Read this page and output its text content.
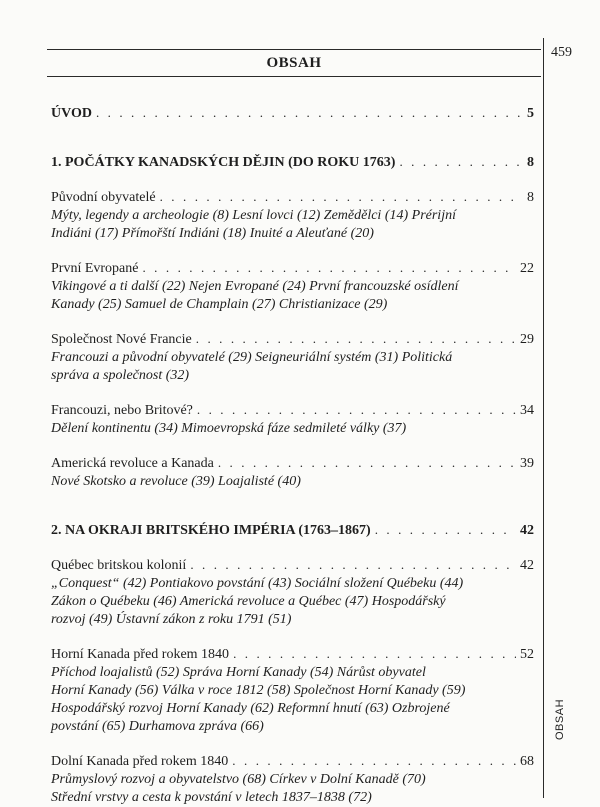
459
OBSAH
OBSAH
ÚVOD . . .	5
1. POČÁTKY KANADSKÝCH DĚJIN (DO ROKU 1763) . . .	8
Původní obyvatelé . . .	8
Mýty, legendy a archeologie (8) Lesní lovci (12) Zemědělci (14) Prérijní
Indiáni (17) Přímořští Indiáni (18) Inuité a Aleuťané (20)
První Evropané . . .	22
Vikingové a ti další (22) Nejen Evropané (24) První francouzské osídlení
Kanady (25) Samuel de Champlain (27) Christianizace (29)
Společnost Nové Francie . . .	29
Francouzi a původní obyvatelé (29) Seigneuriální systém (31) Politická
správa a společnost (32)
Francouzi, nebo Britové? . . .	34
Dělení kontinentu (34) Mimoevropská fáze sedmileté války (37)
Americká revoluce a Kanada . . .	39
Nové Skotsko a revoluce (39) Loajalisté (40)
2. NA OKRAJI BRITSKÉHO IMPÉRIA (1763–1867) . . .	42
Québec britskou kolonií . . .	42
„Conquest“ (42) Pontiakovo povstání (43) Sociální složení Québeku (44)
Zákon o Québeku (46) Americká revoluce a Québec (47) Hospodářský
rozvoj (49) Ústavní zákon z roku 1791 (51)
Horní Kanada před rokem 1840 . . .	52
Příchod loajalistů (52) Správa Horní Kanady (54) Nárůst obyvatel
Horní Kanady (56) Válka v roce 1812 (58) Společnost Horní Kanady (59)
Hospodářský rozvoj Horní Kanady (62) Reformní hnutí (63) Ozbrojené
povstání (65) Durhamova zpráva (66)
Dolní Kanada před rokem 1840 . . .	68
Průmyslový rozvoj a obyvatelstvo (68) Církev v Dolní Kanadě (70)
Střední vrstvy a cesta k povstání v letech 1837–1838 (72)
